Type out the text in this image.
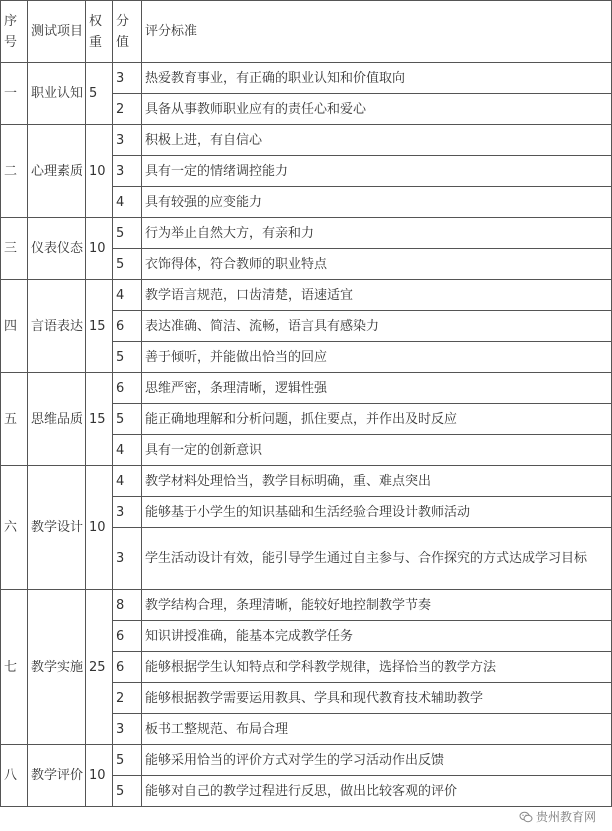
序号	测试项目	权重	分值	评分标准
一	职业认知	5	3	热爱教育事业，有正确的职业认知和价值取向
			2	具备从事教师职业应有的责任心和爱心
二	心理素质	10	3	积极上进，有自信心
			3	具有一定的情绪调控能力
			4	具有较强的应变能力
三	仪表仪态	10	5	行为举止自然大方，有亲和力
			5	衣饰得体，符合教师的职业特点
四	言语表达	15	4	教学语言规范，口齿清楚，语速适宜
			6	表达准确、简洁、流畅，语言具有感染力
			5	善于倾听，并能做出恰当的回应
五	思维品质	15	6	思维严密，条理清晰，逻辑性强
			5	能正确地理解和分析问题，抓住要点，并作出及时反应
			4	具有一定的创新意识
六	教学设计	10	4	教学材料处理恰当，教学目标明确，重、难点突出
			3	能够基于小学生的知识基础和生活经验合理设计教师活动
			3	学生活动设计有效，能引导学生通过自主参与、合作探究的方式达成学习目标
七	教学实施	25	8	教学结构合理，条理清晰，能较好地控制教学节奏
			6	知识讲授准确，能基本完成教学任务
			6	能够根据学生认知特点和学科教学规律，选择恰当的教学方法
			2	能够根据教学需要运用教具、学具和现代教育技术辅助教学
			3	板书工整规范、布局合理
八	教学评价	10	5	能够采用恰当的评价方式对学生的学习活动作出反馈
			5	能够对自己的教学过程进行反思，做出比较客观的评价
贵州教育网
